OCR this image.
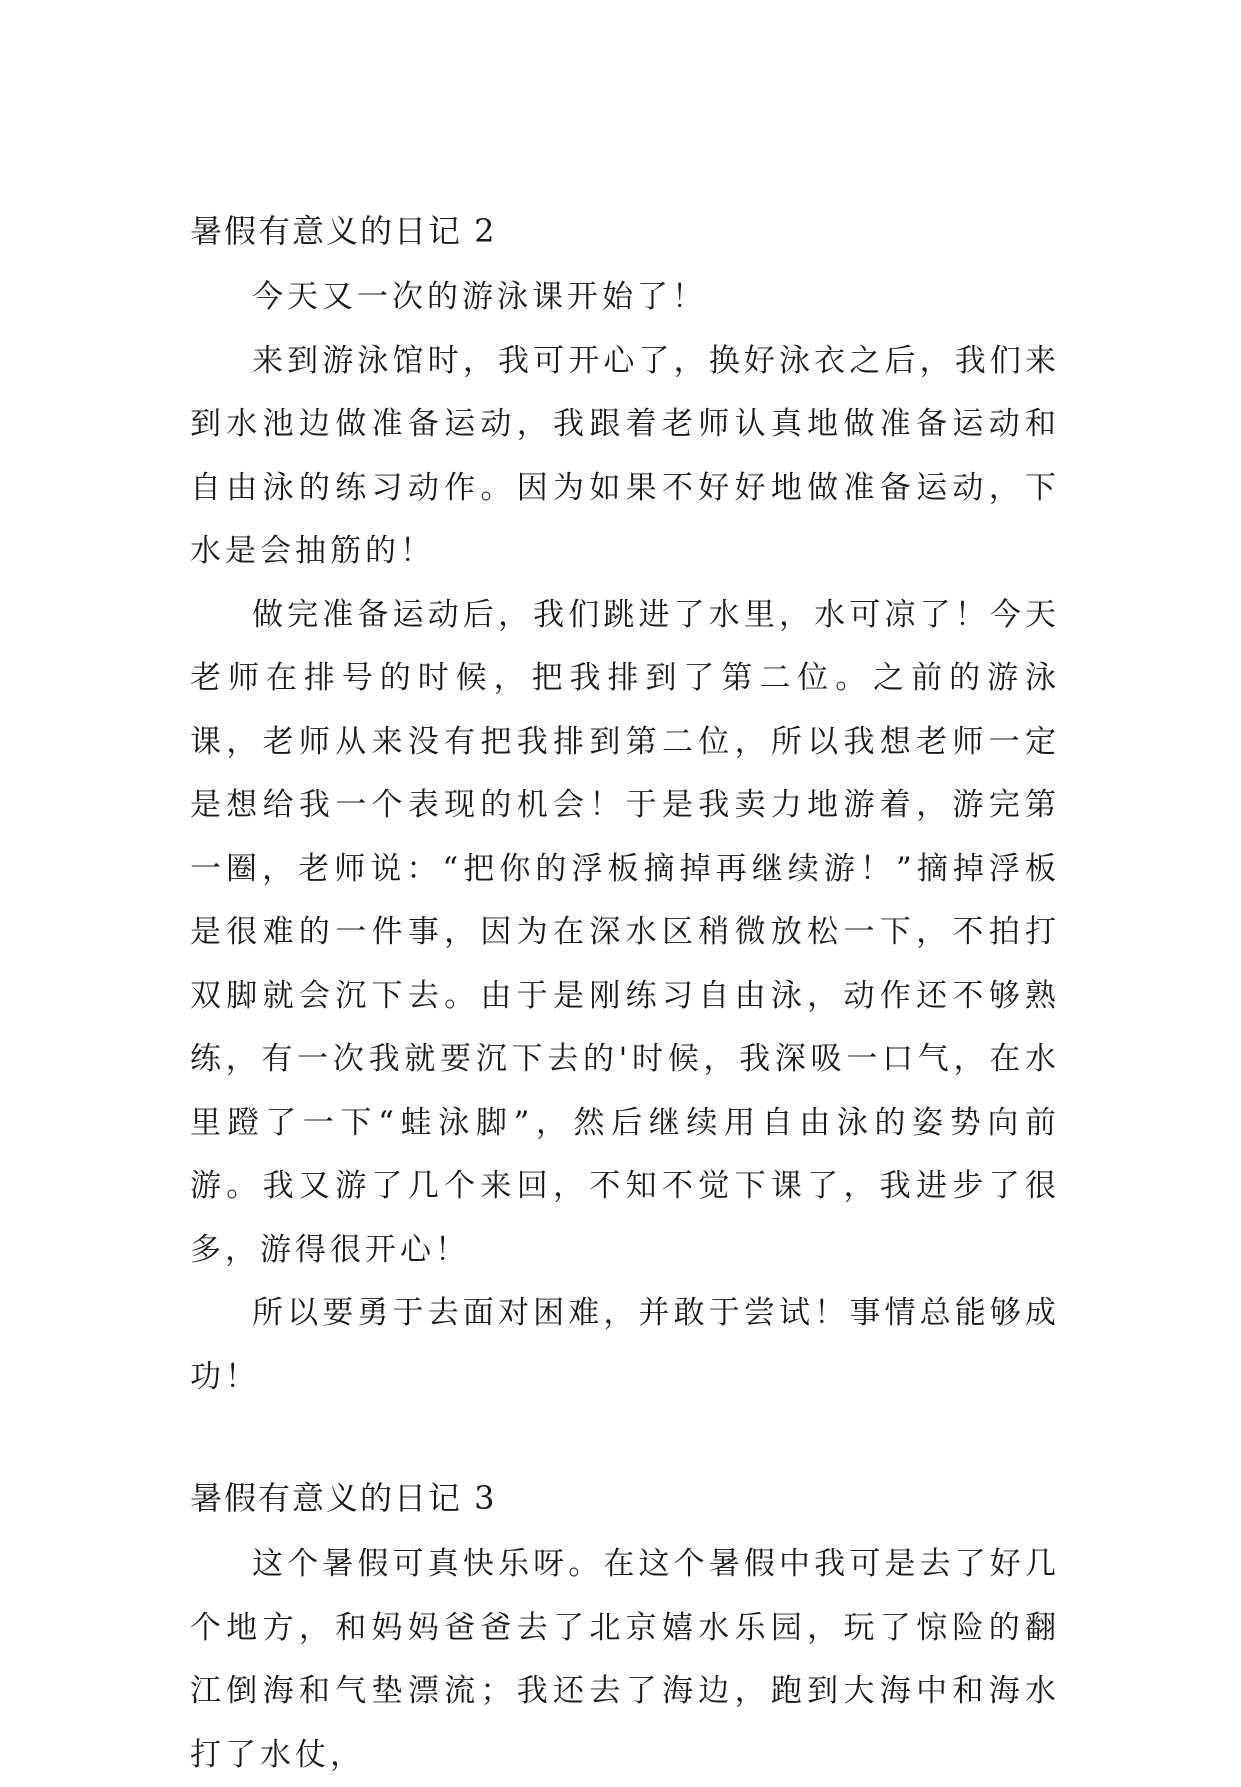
暑假有意义的日记 2

今天又一次的游泳课开始了！

来到游泳馆时，我可开心了，换好泳衣之后，我们来到水池边做准备运动，我跟着老师认真地做准备运动和自由泳的练习动作。因为如果不好好地做准备运动，下水是会抽筋的！

做完准备运动后，我们跳进了水里，水可凉了！今天老师在排号的时候，把我排到了第二位。之前的游泳课，老师从来没有把我排到第二位，所以我想老师一定是想给我一个表现的机会！于是我卖力地游着，游完第一圈，老师说：“把你的浮板摘掉再继续游！”摘掉浮板是很难的一件事，因为在深水区稍微放松一下，不拍打双脚就会沉下去。由于是刚练习自由泳，动作还不够熟练，有一次我就要沉下去的'时候，我深吸一口气，在水里蹬了一下“蛙泳脚”，然后继续用自由泳的姿势向前游。我又游了几个来回，不知不觉下课了，我进步了很多，游得很开心！

所以要勇于去面对困难，并敢于尝试！事情总能够成功！

暑假有意义的日记 3

这个暑假可真快乐呀。在这个暑假中我可是去了好几个地方，和妈妈爸爸去了北京嬉水乐园，玩了惊险的翻江倒海和气垫漂流；我还去了海边，跑到大海中和海水打了水仗，
